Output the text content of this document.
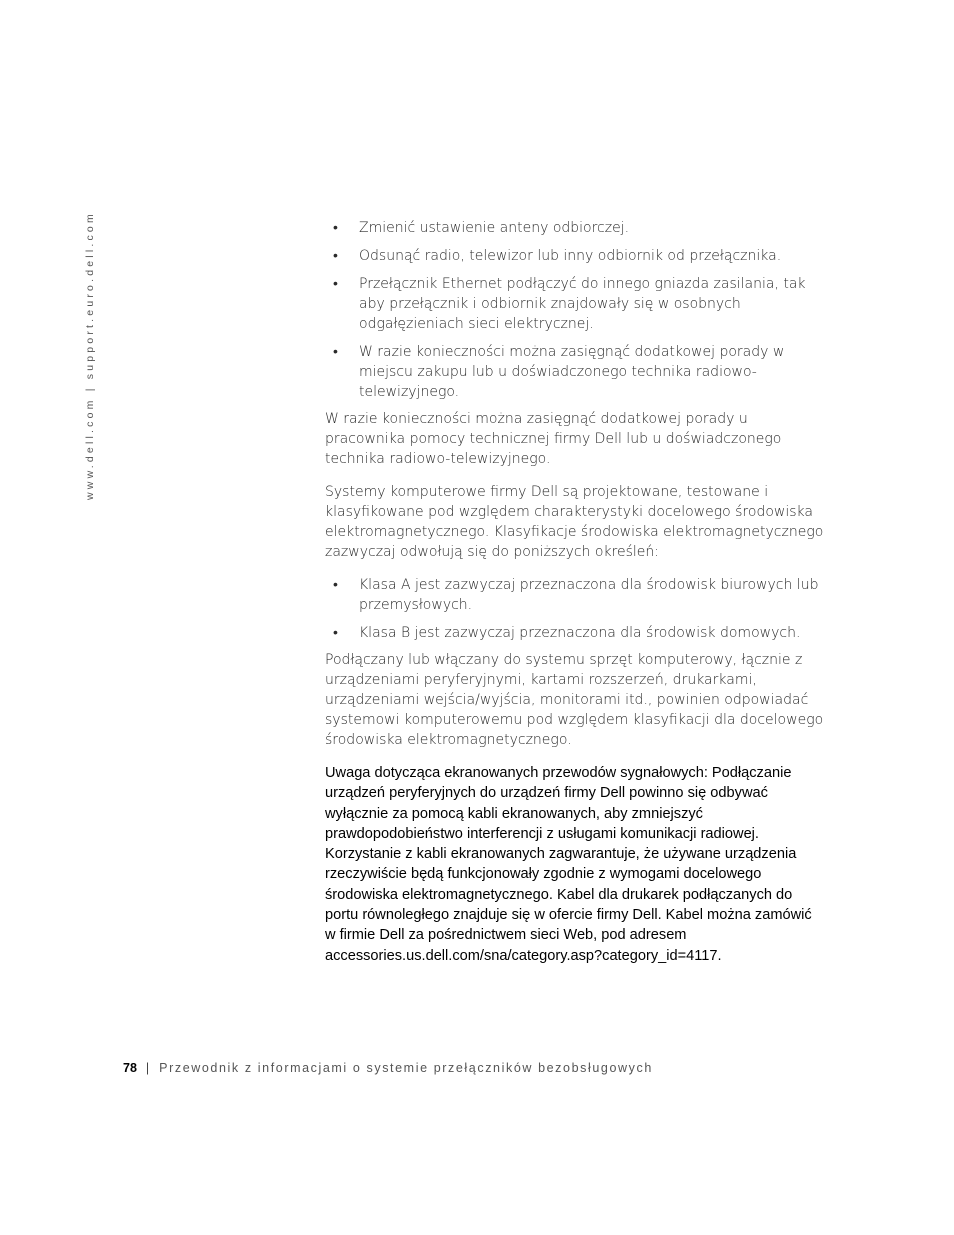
www.dell.com | support.euro.dell.com	• Zmienić ustawienie anteny odbiorczej.
• Odsunąć radio, telewizor lub inny odbiornik od przełącznika.
• Przełącznik Ethernet podłączyć do innego gniazda zasilania, tak aby przełącznik i odbiornik znajdowały się w osobnych odgałęzieniach sieci elektrycznej.
• W razie konieczności można zasięgnąć dodatkowej porady w miejscu zakupu lub u doświadczonego technika radiowo-telewizyjnego.

W razie konieczności można zasięgnąć dodatkowej porady u pracownika pomocy technicznej firmy Dell lub u doświadczonego technika radiowo-telewizyjnego.

Systemy komputerowe firmy Dell są projektowane, testowane i klasyfikowane pod względem charakterystyki docelowego środowiska elektromagnetycznego. Klasyfikacje środowiska elektromagnetycznego zazwyczaj odwołują się do poniższych określeń:

• Klasa A jest zazwyczaj przeznaczona dla środowisk biurowych lub przemysłowych.
• Klasa B jest zazwyczaj przeznaczona dla środowisk domowych.

Podłączany lub włączany do systemu sprzęt komputerowy, łącznie z urządzeniami peryferyjnymi, kartami rozszerzeń, drukarkami, urządzeniami wejścia/wyjścia, monitorami itd., powinien odpowiadać systemowi komputerowemu pod względem klasyfikacji dla docelowego środowiska elektromagnetycznego.

Uwaga dotycząca ekranowanych przewodów sygnałowych: Podłączanie urządzeń peryferyjnych do urządzeń firmy Dell powinno się odbywać wyłącznie za pomocą kabli ekranowanych, aby zmniejszyć prawdopodobieństwo interferencji z usługami komunikacji radiowej. Korzystanie z kabli ekranowanych zagwarantuje, że używane urządzenia rzeczywiście będą funkcjonowały zgodnie z wymogami docelowego środowiska elektromagnetycznego. Kabel dla drukarek podłączanych do portu równoległego znajduje się w ofercie firmy Dell. Kabel można zamówić w firmie Dell za pośrednictwem sieci Web, pod adresem accessories.us.dell.com/sna/category.asp?category_id=4117.

78 | Przewodnik z informacjami o systemie przełączników bezobsługowych
